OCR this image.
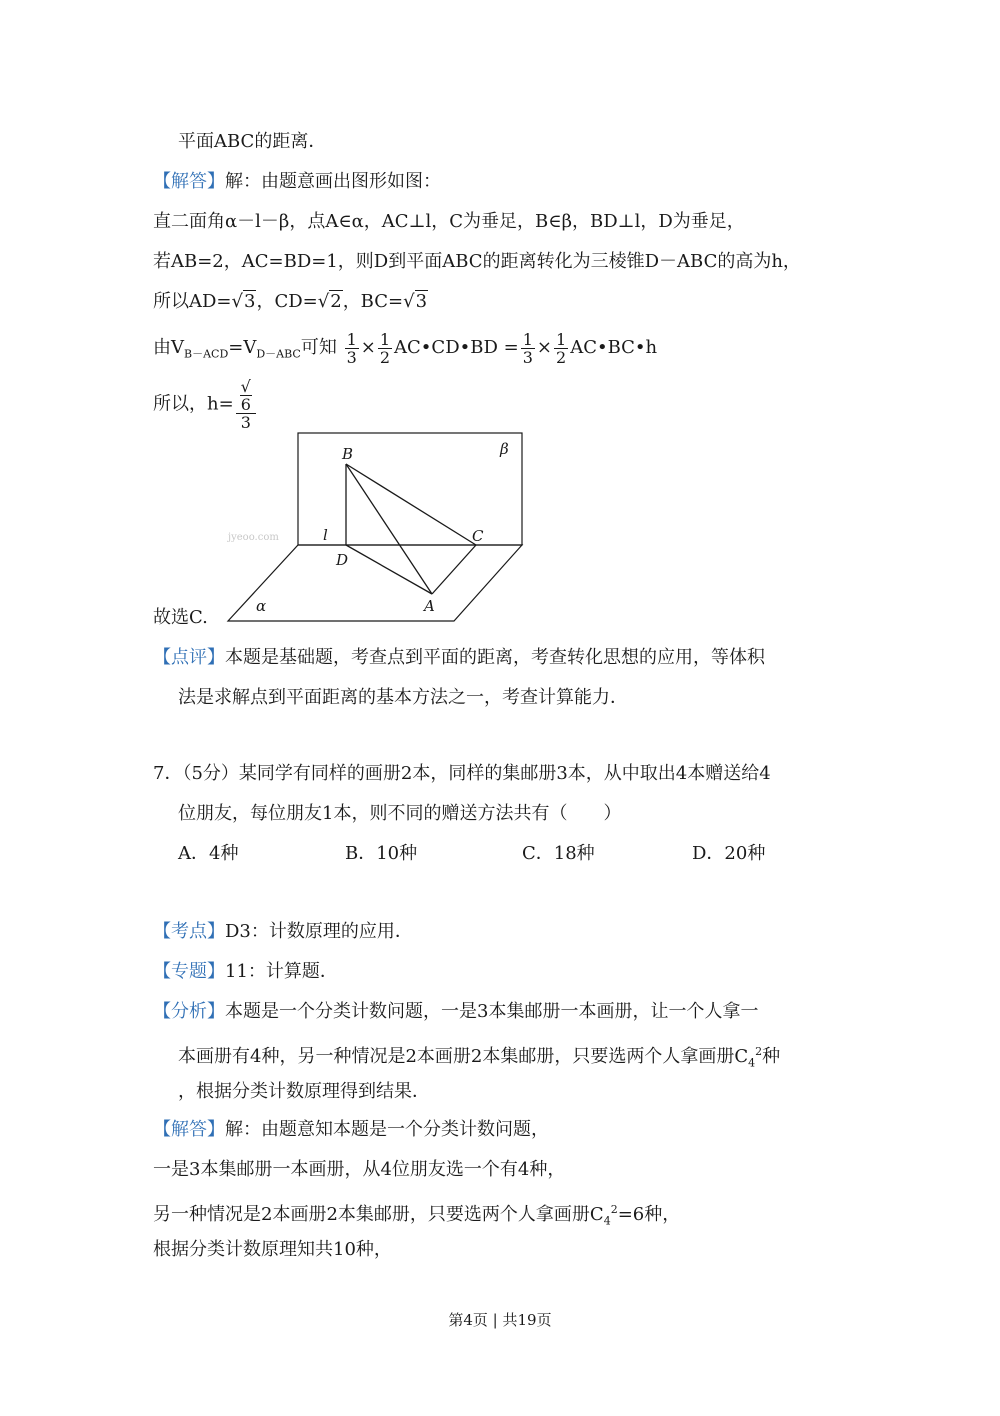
平面ABC的距离．
【解答】解：由题意画出图形如图：
直二面角α－l－β，点A∈α，AC⊥l，C为垂足，B∈β，BD⊥l，D为垂足，
若AB=2，AC=BD=1，则D到平面ABC的距离转化为三棱锥D－ABC的高为h，
所以AD=√3，CD=√2，BC=√3
由$V_{B-ACD}=V_{D-ABC}$可知 $\frac{1}{3} \times \frac{1}{2}$ AC•CD•BD = $\frac{1}{3} \times \frac{1}{2}$ AC•BC•h
所以，h= √
6
3
B	β
l	C
D
A
α
jyeoo.com
故选C.
【点评】本题是基础题，考查点到平面的距离，考查转化思想的应用，等体积
法是求解点到平面距离的基本方法之一，考查计算能力．
7．（5分）某同学有同样的画册2本，同样的集邮册3本，从中取出4本赠送给4
位朋友，每位朋友1本，则不同的赠送方法共有（　　）
A．4种	B．10种	C．18种	D．20种
【考点】D3：计数原理的应用．
【专题】11：计算题．
【分析】本题是一个分类计数问题，一是3本集邮册一本画册，让一个人拿一
本画册有4种，另一种情况是2本画册2本集邮册，只要选两个人拿画册$C_4^2$种
，根据分类计数原理得到结果．
【解答】解：由题意知本题是一个分类计数问题，
一是3本集邮册一本画册，从4位朋友选一个有4种，
另一种情况是2本画册2本集邮册，只要选两个人拿画册$C_4^2=6$种，
根据分类计数原理知共10种，
第4页 | 共19页
